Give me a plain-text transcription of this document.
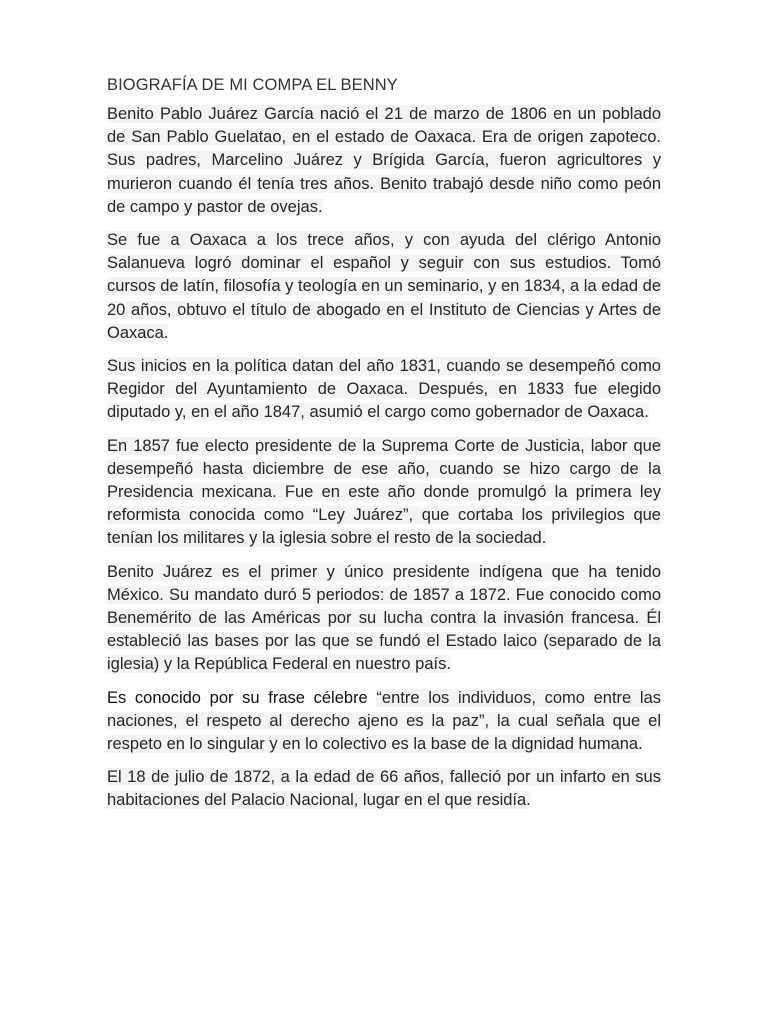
BIOGRAFÍA DE MI COMPA EL BENNY

Benito Pablo Juárez García nació el 21 de marzo de 1806 en un poblado de San Pablo Guelatao, en el estado de Oaxaca. Era de origen zapoteco. Sus padres, Marcelino Juárez y Brígida García, fueron agricultores y murieron cuando él tenía tres años. Benito trabajó desde niño como peón de campo y pastor de ovejas.

Se fue a Oaxaca a los trece años, y con ayuda del clérigo Antonio Salanueva logró dominar el español y seguir con sus estudios. Tomó cursos de latín, filosofía y teología en un seminario, y en 1834, a la edad de 20 años, obtuvo el título de abogado en el Instituto de Ciencias y Artes de Oaxaca.

Sus inicios en la política datan del año 1831, cuando se desempeñó como Regidor del Ayuntamiento de Oaxaca. Después, en 1833 fue elegido diputado y, en el año 1847, asumió el cargo como gobernador de Oaxaca.

En 1857 fue electo presidente de la Suprema Corte de Justicia, labor que desempeñó hasta diciembre de ese año, cuando se hizo cargo de la Presidencia mexicana. Fue en este año donde promulgó la primera ley reformista conocida como “Ley Juárez”, que cortaba los privilegios que tenían los militares y la iglesia sobre el resto de la sociedad.

Benito Juárez es el primer y único presidente indígena que ha tenido México. Su mandato duró 5 periodos: de 1857 a 1872. Fue conocido como Benemérito de las Américas por su lucha contra la invasión francesa. Él estableció las bases por las que se fundó el Estado laico (separado de la iglesia) y la República Federal en nuestro país.

Es conocido por su frase célebre “entre los individuos, como entre las naciones, el respeto al derecho ajeno es la paz”, la cual señala que el respeto en lo singular y en lo colectivo es la base de la dignidad humana.

El 18 de julio de 1872, a la edad de 66 años, falleció por un infarto en sus habitaciones del Palacio Nacional, lugar en el que residía.
